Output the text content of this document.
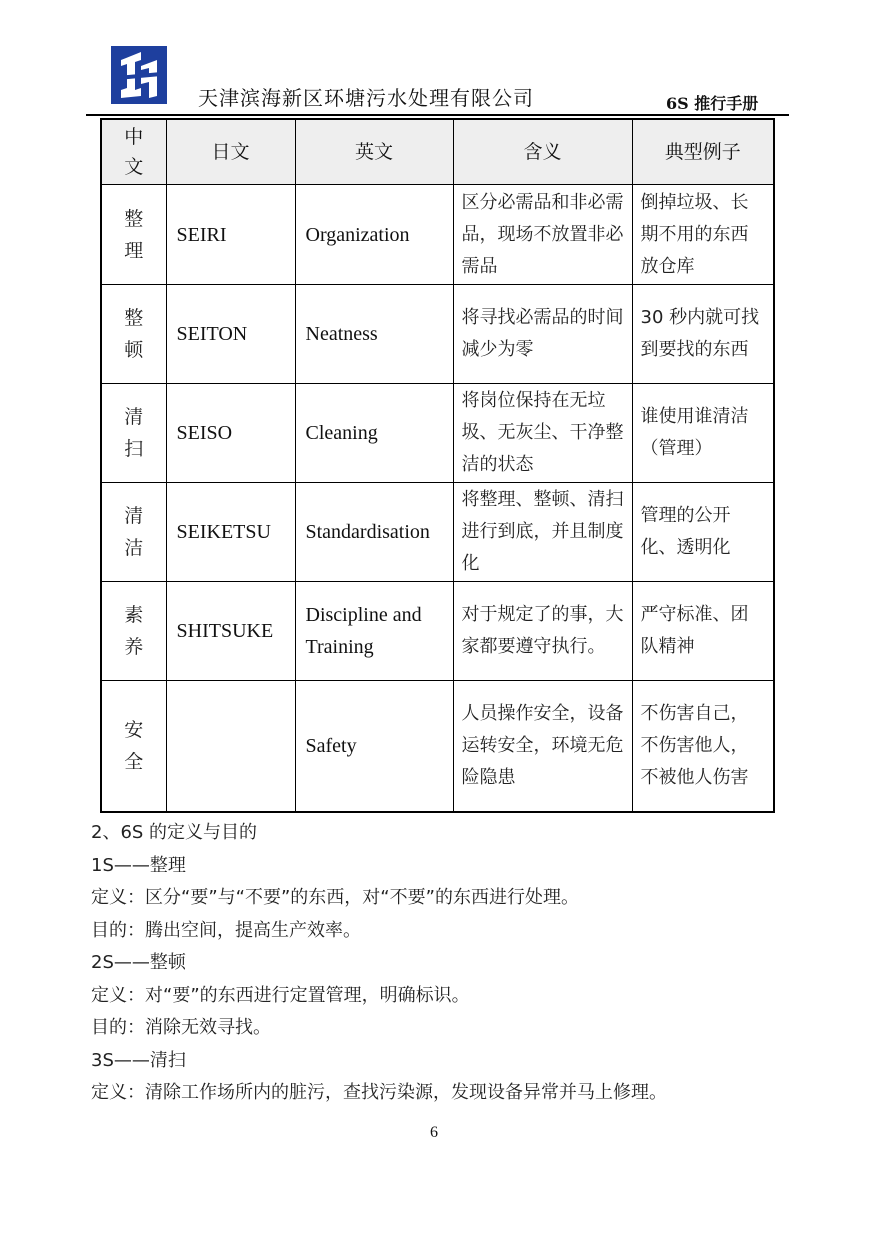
天津滨海新区环塘污水处理有限公司	6S 推行手册
中文	日文	英文	含义	典型例子

整理	SEIRI	Organization	区分必需品和非必需品，现场不放置非必需品	倒掉垃圾、长期不用的东西放仓库

整顿	SEITON	Neatness	将寻找必需品的时间减少为零	30 秒内就可找到要找的东西

清扫	SEISO	Cleaning	将岗位保持在无垃圾、无灰尘、干净整洁的状态	谁使用谁清洁（管理）

清洁	SEIKETSU	Standardisation	将整理、整顿、清扫进行到底，并且制度化	管理的公开化、透明化

素养	SHITSUKE	Discipline and Training	对于规定了的事，大家都要遵守执行。	严守标准、团队精神

安全		Safety	人员操作安全，设备运转安全，环境无危险隐患	不伤害自己，不伤害他人，不被他人伤害
2、6S 的定义与目的
1S——整理
定义：区分“要”与“不要”的东西，对“不要”的东西进行处理。
目的：腾出空间，提高生产效率。
2S——整顿
定义：对“要”的东西进行定置管理，明确标识。
目的：消除无效寻找。
3S——清扫
定义：清除工作场所内的脏污，查找污染源，发现设备异常并马上修理。
6
